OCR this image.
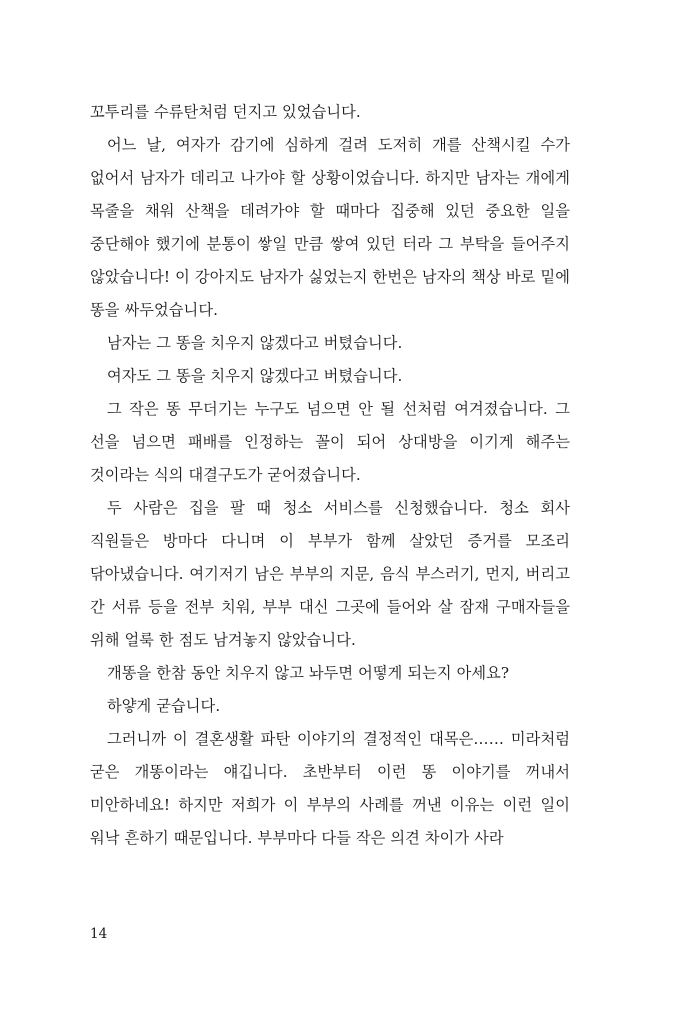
꼬투리를 수류탄처럼 던지고 있었습니다.

어느 날, 여자가 감기에 심하게 걸려 도저히 개를 산책시킬 수가 없어서 남자가 데리고 나가야 할 상황이었습니다. 하지만 남자는 개에게 목줄을 채워 산책을 데려가야 할 때마다 집중해 있던 중요한 일을 중단해야 했기에 분통이 쌓일 만큼 쌓여 있던 터라 그 부탁을 들어주지 않았습니다! 이 강아지도 남자가 싫었는지 한번은 남자의 책상 바로 밑에 똥을 싸두었습니다.

남자는 그 똥을 치우지 않겠다고 버텼습니다.

여자도 그 똥을 치우지 않겠다고 버텼습니다.

그 작은 똥 무더기는 누구도 넘으면 안 될 선처럼 여겨졌습니다. 그 선을 넘으면 패배를 인정하는 꼴이 되어 상대방을 이기게 해주는 것이라는 식의 대결구도가 굳어졌습니다.

두 사람은 집을 팔 때 청소 서비스를 신청했습니다. 청소 회사 직원들은 방마다 다니며 이 부부가 함께 살았던 증거를 모조리 닦아냈습니다. 여기저기 남은 부부의 지문, 음식 부스러기, 먼지, 버리고 간 서류 등을 전부 치워, 부부 대신 그곳에 들어와 살 잠재 구매자들을 위해 얼룩 한 점도 남겨놓지 않았습니다.

개똥을 한참 동안 치우지 않고 놔두면 어떻게 되는지 아세요?

하얗게 굳습니다.

그러니까 이 결혼생활 파탄 이야기의 결정적인 대목은…… 미라처럼 굳은 개똥이라는 얘깁니다. 초반부터 이런 똥 이야기를 꺼내서 미안하네요! 하지만 저희가 이 부부의 사례를 꺼낸 이유는 이런 일이 워낙 흔하기 때문입니다. 부부마다 다들 작은 의견 차이가 사라

14
